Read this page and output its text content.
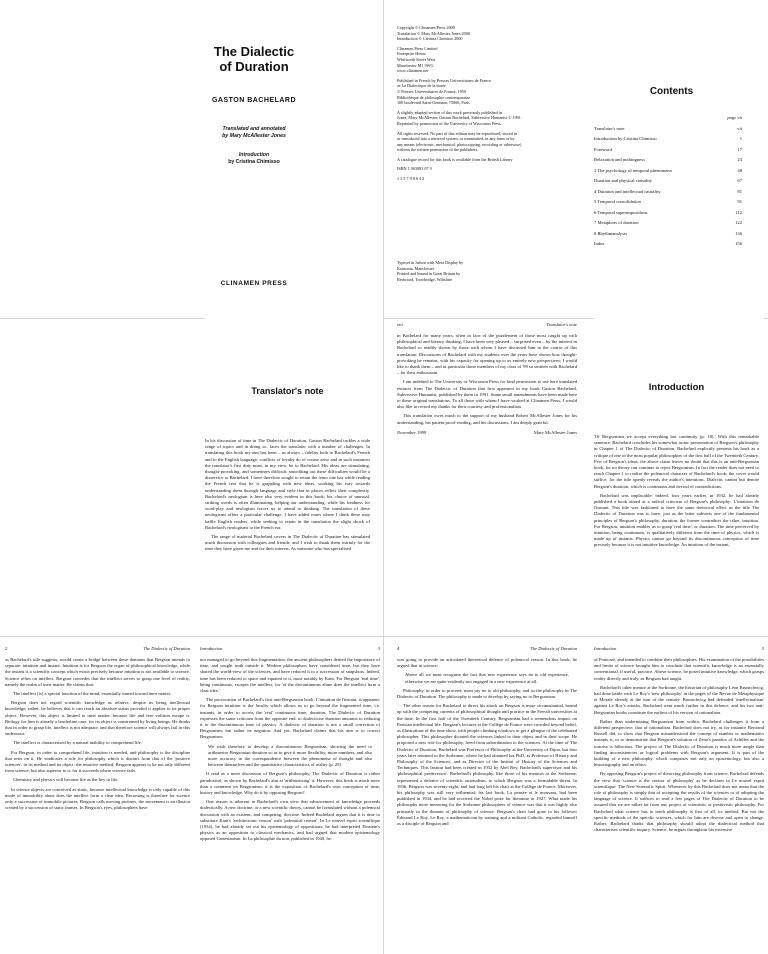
The Dialectic
of Duration
GASTON BACHELARD
Translated and annotated
by Mary McAllester Jones
Introduction
by Cristina Chimisso
CLINAMEN PRESS
Copyright © Clinamen Press 2000
Translation © Mary McAllester Jones 2000
Introduction © Cristina Chimisso 2000
Clinamen Press Limited
Enterprise House
Whitworth Street West
Manchester M1 5WG
www.clinamen.net
Published in French by Presses Universitaires de France
as La Dialectique de la durée
© Presses Universitaires de France, 1950
Bibliothèque de philosophie contemporaine
108 boulevard Saint-Germain, 75006, Paris
A slightly adapted section of this work previously published in
Jones, Mary McAllester, Gaston Bachelard, Subversive Humanist © 1991.
Reprinted by permission of the University of Wisconsin Press.
All rights reserved. No part of this edition may be reproduced, stored in
or introduced into a retrieval system, or transmitted, in any form or by
any means (electronic, mechanical, photocopying, recording or otherwise)
without the written permission of the publishers.
A catalogue record for this book is available from the British Library
ISBN 1 903083 07 9
1 3 5 7 9 8 6 4 2
Typeset in Sabon with Meta Display by
Koinonia, Manchester
Printed and bound in Great Britain by
Redwood, Trowbridge, Wiltshire
Contents
page vii
Translator's note	vii
Introduction by Cristina Chimisso	1
Foreword	17
Relaxation and nothingness	23
2 The psychology of temporal phenomena	48
Duration and physical causality	67
4 Duration and intellectual causality	81
5 Temporal consolidation	91
6 Temporal superimpositions	112
7 Metaphors of duration	122
8 Rhythmanalysis	136
Index	156
Translator's note

In his discussion of time in The Dialectic of Duration, Gaston Bachelard tackles a wide range of topics and in doing so, faces the translator with a number of challenges. In translating this book my aim has been – as always – fidelity both to Bachelard's French and to the English language; conflicts of loyalty do of course arise and in such instances the translator's first duty must, in my view, be to Bachelard. His ideas are stimulating, thought-provoking, and sometimes difficult: smoothing out these difficulties would be a disservice to Bachelard. I have therefore sought to retain the tenor one has while reading the French text that he is grappling with new ideas, working his way towards understanding them through language and style that in places reflect their complexity. Bachelard's neologism is here also very evident in this book; his choice of unusual, striking words is often illuminating, helping our understanding, while his fondness for word-play and neologism forces us to attend to thinking. The translation of these neologisms offers a particular challenge. I have added notes where I think these may baffle English readers, while seeking to retain in the translation the slight shock of Bachelard's neologisms to the French ear.

The range of material Bachelard covers in The Dialectic of Duration has stimulated much discussion with colleagues and friends, and I wish to thank them warmly for the time they have given me and for their interest. As someone who has specialised

viii	Translator's note

in Bachelard for many years, often in face of the puzzlement of those most caught up with philosophical and literary thinking, I have been very pleased – surprised even – by the interest in Bachelard so readily shown by those with whom I have discussed him in the course of this translation. Discussions of Bachelard with my students over the years have shown how thought-provoking he remains, with his capacity for opening up to us entirely new perspectives; I would like to thank them – and in particular those members of my class of '99 so smitten with Bachelard – for their enthusiasm.

I am indebted to The University of Wisconsin Press for kind permission to use here translated extracts from The Dialectic of Duration that first appeared in my book Gaston Bachelard, Subversive Humanist, published by them in 1991. Some small amendments have been made here to these original translations. To all those with whom I have worked at Clinamen Press, I would also like to record my thanks for their courtesy and professionalism.

This translation owes much to the support of my husband Robert McAllester Jones for his understanding, his patient proof-reading, and his discussions, I am deeply grateful.

November 1999	Mary McAllester Jones
Introduction

'Of Bergsonism we accept everything but continuity (p. 18).' With this remarkable sentence, Bachelard concludes his somewhat ironic presentation of Bergson's philosophy in Chapter 1 of The Dialectic of Duration. Bachelard explicitly presents his book as a critique of one of the most popular philosophies of the first half of the Twentieth Century. Few of Bergson's ideas, the above claim leaves no doubt that this is an anti-Bergsonian book, for no theory can continue to reject Bergsonism. In fact the reader does not need to reach Chapter 1 to realise the polemical character of Bachelard's book; the cover would suffice, for the title openly reveals the author's intentions. Dialectic cannot but denote Bergson's duration, which is continuous and devoid of contradictions.

Bachelard was implacable: indeed, four years earlier, in 1932, he had already published a book aimed at a radical criticism of Bergson's philosophy: L'intuition de l'instant. This title was fashioned to have the same rhetorical effect as the title The Dialectic of Duration was to have, just as the latter subverts one of the fundamental principles of Bergson's philosophy, duration, the former contradicts the other, intuition. For Bergson, intuition enables us to grasp 'real time', or duration. The time perceived by intuition, being continuous, is qualitatively different from the time of physics, which is made up of instants. Physics cannot go beyond its discontinuous conception of time precisely because it is not intuitive knowledge. An intuition of the instant,

2	The Dialectic of Duration

as Bachelard's title suggests, would create a bridge between these domains that Bergson intends to separate: intuition and instant. Intuition is for Bergson the organ of philosophical knowledge, while the instant is a scientific concept which exists precisely because intuition is not available to science. Science relies on intellect. Bergson concedes that the intellect serves to grasp one level of reality, namely the realm of inert matter. He claims that:

The intellect [is] a special function of the mind, essentially turned toward inert matter.

Bergson does not regard scientific knowledge as relative, despite its being intellectual knowledge; rather, he believes that it can reach an absolute status provided it applies to its proper object. However, this object is limited to inert matter, because life and free volition escape it. Biology for him is already a borderline case, for its object is constrained by living beings. He thinks that in order to grasp life, intellect is not adequate, and that therefore science will always fail in this endeavour.

The intellect is characterised by a natural inability to comprehend life.

For Bergson, in order to comprehend life, intuition is needed, and philosophy is the discipline that rests on it. He vindicates a role for philosophy which is distinct from that of the 'positive sciences', in its method and its object: the intuitive method. Bergson appears to be not only different from science, but also superior to it, for it succeeds where science fails.

Chemistry and physics will become life as the key to life.

In science objects are conceived as static, because intellectual knowledge is only capable of this mode of immobility alone does the intellect form a clear idea. Becoming is therefore for science only a succession of immobile pictures. Bergson calls moving pictures, the movement is an illusion created by a succession of static frames. In Bergson's eyes, philosophers have

Introduction	3

not managed to go beyond this fragmentation; the ancient philosophers denied the importance of time, and sought truth outside it. Modern philosophers have considered time, but they have shared the world-view of the sciences, and have reduced it to a succession of snapshots. Indeed, time has been reduced to space and equated to it, most notably by Kant. For Bergson 'real time', being continuous, escapes the intellect, for 'of the discontinuous alone does the intellect form a clear idea.'

The provocation of Bachelard's first anti-Bergsonian book, L'intuition de l'instant, is apparent: for Bergson intuition is the faculty which allows us to go beyond the fragmented time, i.e. instants, in order to access the 'real' continuous time, duration. The Dialectic of Duration expresses the same criticism from the opposite end: to dialecticise duration amounts to reducing it to the discontinuous time of physics. A dialectic of duration is not a small correction of Bergsonism, but rather its negation. And yet, Bachelard claims that his aim is to correct Bergsonism:

We wish therefore to develop a discontinuous Bergsonism, showing the need to arithmetise Bergsonian duration so as to give it more flexibility, more numbers, and also more accuracy in the correspondence between the phenomena of thought and also between themselves and the quantitative characteristics of reality (p. 29).

If read as a mere discussion of Bergson's philosophy, The Dialectic of Duration is rather paradoxical, as shown by Bachelard's aim at 'arithmetising' it. However, this book is much more than a comment on Bergsonism; it is the exposition of Bachelard's own conception of time, history and knowledge. Why do it by opposing Bergson?

One reason is inherent in Bachelard's own view that advancement of knowledge proceeds dialectically. A new doctrine, or a new scientific theory, cannot be formulated without a polemical discussion with an existent, and competing, doctrine. Indeed Bachelard argues that it is time to substitute Kant's 'architectonic reason' with 'polemical reason'. In Le nouvel esprit scientifique (1934), he had already set out his epistemology of oppositions: he had interpreted Einstein's physics as an opposition to classical mechanics, and had argued that modern epistemology opposed Cartesianism. In La philosophie du non, published in 1940, he

4	The Dialectic of Duration

was going to provide an articulated theoretical defence of polemical reason. In this book, he argued that in science:

Above all we must recognise the fact that new experience says no to old experience, otherwise we are quite evidently not engaged in a new experience at all.

Philosophy, in order to proceed, must say no to old philosophy, and so the philosophy in The Dialectic of Duration. The philosophy is made to develop by saying no to Bergsonism.

The other reason for Bachelard to direct his attack on Bergson is more circumstantial, bound up with the competing currents of philosophical thought and practice in the French universities at the time. In the first half of the Twentieth Century, Bergsonism had a tremendous impact on Parisian intellectual life. Bergson's lectures at the Collège de France were crowded beyond belief, as illustrations of the time show, with people climbing windows to get a glimpse of the celebrated philosopher. This philosopher dictated the sciences linked in their object and in their scope. He proposed a new role for philosophy, freed from subordination to the sciences. At the time of The Dialectic of Duration, Bachelard was Professor of Philosophy at the University of Dijon, but four years later returned to the Sorbonne, where he had obtained his PhD, as Professor of History and Philosophy of the Sciences, and as Director of the Institut of History of the Sciences and Techniques. This Institut had been created in 1932 by Abel Rey, Bachelard's supervisor and his 'philosophical predecessor'. Bachelard's philosophy, like those of his mentors at the Sorbonne, represented a defence of scientific rationalism, to which Bergson was a formidable threat. In 1936, Bergson was seventy-eight, and had long left his chair at the Collège de France. Moreover, his philosophy was still very influential; his last book, La pensée et le mouvant, had been published in 1934, and he had received the Nobel prize for literature in 1927. What made his philosophy more menacing for the Sorbonne philosophers of science was that it was highly also primarily in the domain of philosophy of science. Bergson's chair had gone to his follower Édouard Le Roy. Le Roy, a mathematician by training and a militant Catholic, regarded himself as a disciple of Bergson and

Introduction	5

of Poincaré, and intended to combine their philosophies. His examination of the possibilities and limits of science brought him to conclude that scientific knowledge is an essentially conventional, if useful, practice. Above science, he posed intuitive knowledge, which grasps reality directly and truly, as Bergson had taught.

Bachelard's other mentor at the Sorbonne, the historian of philosophy Léon Brunschvicg, had done battle with Le Roy's 'new philosophy' in the pages of the Revue de Métaphysique et Morale already at the turn of the century. Brunschvicg had defended 'intellectualism' against Le Roy's attacks. Bachelard went much further in this defence, and his two anti-Bergsonian books constitute the earliest of his version of rationalism.

Rather than undermining Bergsonism from within, Bachelard challenges it from a different perspective, that of rationalism. Bachelard does not try, as for instance Bertrand Russell did, to show that Bergson misunderstood the concept of number or mathematics instants is, or to demonstrate that Bergson's solution of Zeno's paradox of Achilles and the tortoise is fallacious. The project of The Dialectic of Duration is much more ample than finding inconsistencies or logical problems with Bergson's argument. It is part of the building of a new philosophy, which comprises not only an epistemology, but also a historiography and an ethics.

By opposing Bergson's project of divorcing philosophy from science, Bachelard defends the view that 'science is the creator of philosophy' as he declares in Le nouvel esprit scientifique. The New Scientific Spirit. Whenever by this Bachelard does not mean that the role of philosophy is simply that of accepting the results of the sciences or of adopting the language of science. It suffices to read a few pages of The Dialectic of Duration to be assured that we are rather far from any project of scientistic or positivistic philosophy. For Bachelard what science has to teach philosophy is first of all, its method. But not the specific methods of the specific sciences, which for him are diverse and open to change. Rather, Bachelard thinks that philosophy should adopt the dialectical method that characterises scientific inquiry. Science, he argues throughout his extensive
